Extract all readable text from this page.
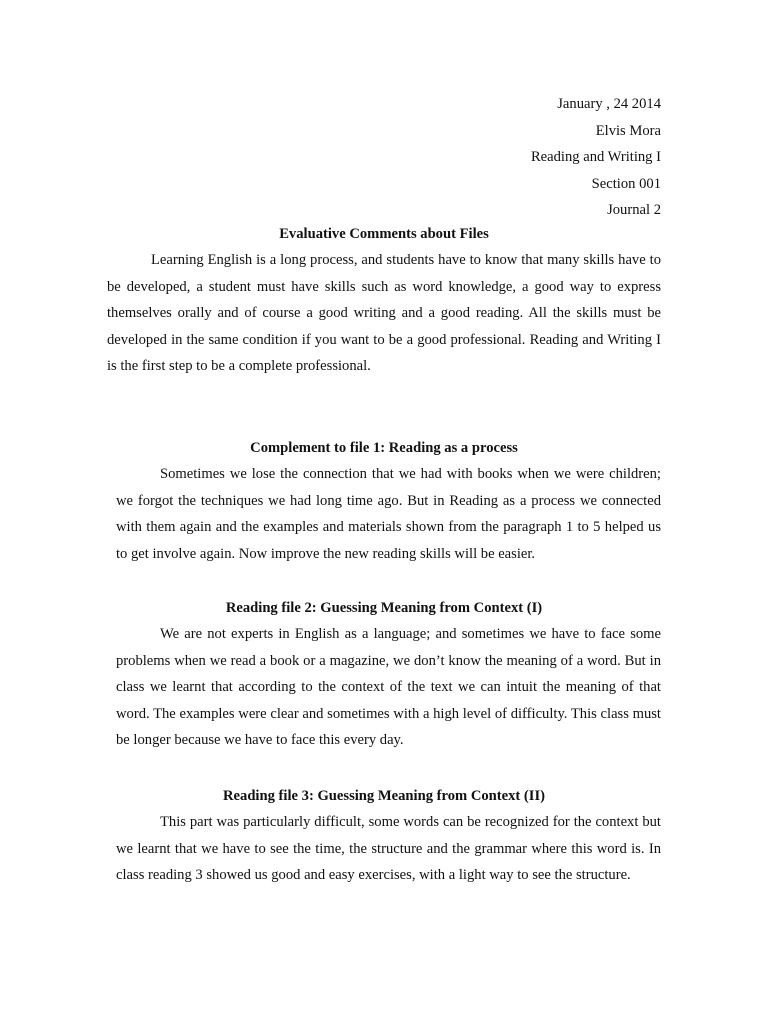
January , 24 2014
Elvis Mora
Reading and Writing I
Section 001
Journal 2
Evaluative Comments about Files

Learning English is a long process, and students have to know that many skills have to be developed, a student must have skills such as word knowledge, a good way to express themselves orally and of course a good writing and a good reading. All the skills must be developed in the same condition if you want to be a good professional. Reading and Writing I is the first step to be a complete professional.

Complement to file 1: Reading as a process

Sometimes we lose the connection that we had with books when we were children; we forgot the techniques we had long time ago. But in Reading as a process we connected with them again and the examples and materials shown from the paragraph 1 to 5 helped us to get involve again. Now improve the new reading skills will be easier.

Reading file 2: Guessing Meaning from Context (I)

We are not experts in English as a language; and sometimes we have to face some problems when we read a book or a magazine, we don’t know the meaning of a word. But in class we learnt that according to the context of the text we can intuit the meaning of that word. The examples were clear and sometimes with a high level of difficulty. This class must be longer because we have to face this every day.

Reading file 3: Guessing Meaning from Context (II)

This part was particularly difficult, some words can be recognized for the context but we learnt that we have to see the time, the structure and the grammar where this word is. In class reading 3 showed us good and easy exercises, with a light way to see the structure.
